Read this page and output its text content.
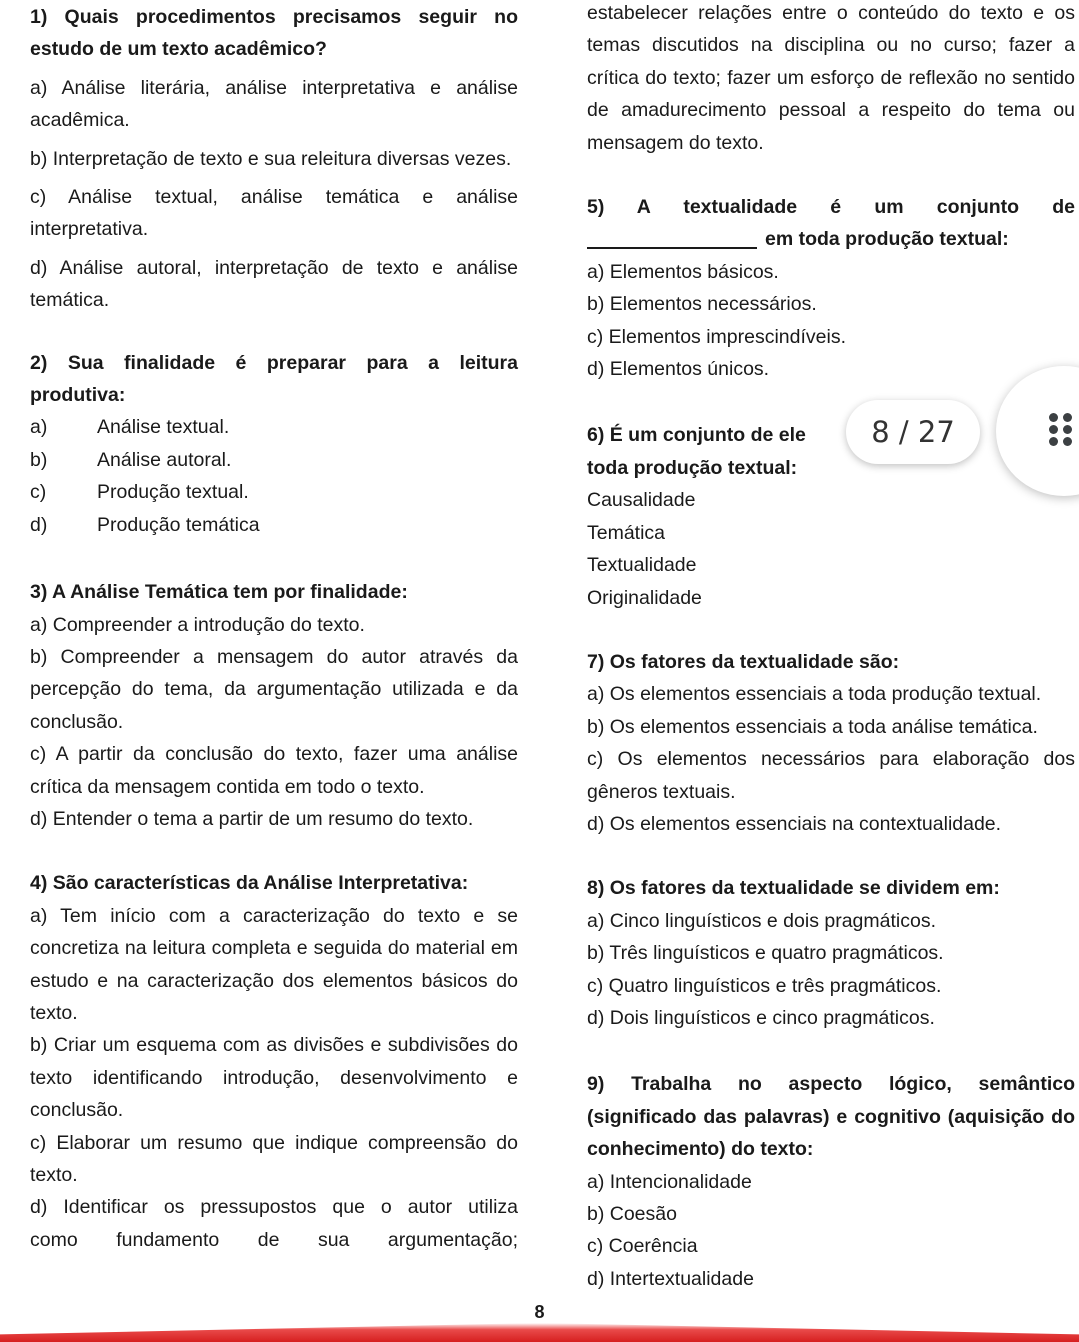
1) Quais procedimentos precisamos seguir no

estudo de um texto acadêmico?

a) Análise literária, análise interpretativa e análise acadêmica.

b) Interpretação de texto e sua releitura diversas vezes.

c) Análise textual, análise temática e análise interpretativa.

d) Análise autoral, interpretação de texto e análise temática.

2) Sua finalidade é preparar para a leitura

produtiva:

a)	Análise textual.
b)	Análise autoral.
c)	Produção textual.
d)	Produção temática

3) A Análise Temática tem por finalidade:

a) Compreender a introdução do texto.

b) Compreender a mensagem do autor através da percepção do tema, da argumentação utilizada e da conclusão.

c) A partir da conclusão do texto, fazer uma análise crítica da mensagem contida em todo o texto.

d) Entender o tema a partir de um resumo do texto.

4) São características da Análise Interpretativa:

a) Tem início com a caracterização do texto e se concretiza na leitura completa e seguida do material em estudo e na caracterização dos elementos básicos do texto.

b) Criar um esquema com as divisões e subdivisões do texto identificando introdução, desenvolvimento e conclusão.

c) Elaborar um resumo que indique compreensão do texto.

d) Identificar os pressupostos que o autor utiliza

como fundamento de sua argumentação;

estabelecer relações entre o conteúdo do texto e os temas discutidos na disciplina ou no curso; fazer a crítica do texto; fazer um esforço de reflexão no sentido de amadurecimento pessoal a respeito do tema ou mensagem do texto.

5) A textualidade é um conjunto de

em toda produção textual:

a) Elementos básicos.

b) Elementos necessários.

c) Elementos imprescindíveis.

d) Elementos únicos.

6) É um conjunto de ele

toda produção textual:

Causalidade

Temática

Textualidade

Originalidade

7) Os fatores da textualidade são:

a) Os elementos essenciais a toda produção textual.

b) Os elementos essenciais a toda análise temática.

c) Os elementos necessários para elaboração dos gêneros textuais.

d) Os elementos essenciais na contextualidade.

8) Os fatores da textualidade se dividem em:

a) Cinco linguísticos e dois pragmáticos.

b) Três linguísticos e quatro pragmáticos.

c) Quatro linguísticos e três pragmáticos.

d) Dois linguísticos e cinco pragmáticos.

9) Trabalha no aspecto lógico, semântico (significado das palavras) e cognitivo (aquisição do conhecimento) do texto:

a) Intencionalidade

b) Coesão

c) Coerência

d) Intertextualidade

8
8 / 27
